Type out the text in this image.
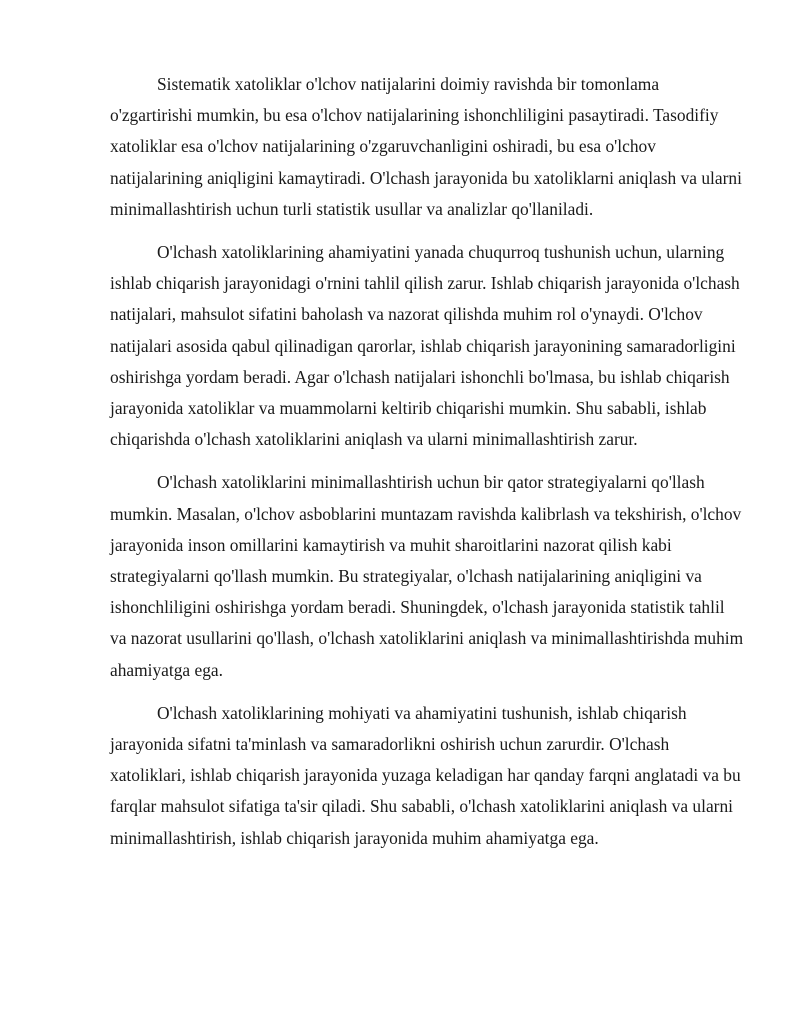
Sistematik xatoliklar o'lchov natijalarini doimiy ravishda bir tomonlama o'zgartirishi mumkin, bu esa o'lchov natijalarining ishonchliligini pasaytiradi. Tasodifiy xatoliklar esa o'lchov natijalarining o'zgaruvchanligini oshiradi, bu esa o'lchov natijalarining aniqligini kamaytiradi. O'lchash jarayonida bu xatoliklarni aniqlash va ularni minimallashtirish uchun turli statistik usullar va analizlar qo'llaniladi.

O'lchash xatoliklarining ahamiyatini yanada chuqurroq tushunish uchun, ularning ishlab chiqarish jarayonidagi o'rnini tahlil qilish zarur. Ishlab chiqarish jarayonida o'lchash natijalari, mahsulot sifatini baholash va nazorat qilishda muhim rol o'ynaydi. O'lchov natijalari asosida qabul qilinadigan qarorlar, ishlab chiqarish jarayonining samaradorligini oshirishga yordam beradi. Agar o'lchash natijalari ishonchli bo'lmasa, bu ishlab chiqarish jarayonida xatoliklar va muammolarni keltirib chiqarishi mumkin. Shu sababli, ishlab chiqarishda o'lchash xatoliklarini aniqlash va ularni minimallashtirish zarur.

O'lchash xatoliklarini minimallashtirish uchun bir qator strategiyalarni qo'llash mumkin. Masalan, o'lchov asboblarini muntazam ravishda kalibrlash va tekshirish, o'lchov jarayonida inson omillarini kamaytirish va muhit sharoitlarini nazorat qilish kabi strategiyalarni qo'llash mumkin. Bu strategiyalar, o'lchash natijalarining aniqligini va ishonchliligini oshirishga yordam beradi. Shuningdek, o'lchash jarayonida statistik tahlil va nazorat usullarini qo'llash, o'lchash xatoliklarini aniqlash va minimallashtirishda muhim ahamiyatga ega.

O'lchash xatoliklarining mohiyati va ahamiyatini tushunish, ishlab chiqarish jarayonida sifatni ta'minlash va samaradorlikni oshirish uchun zarurdir. O'lchash xatoliklari, ishlab chiqarish jarayonida yuzaga keladigan har qanday farqni anglatadi va bu farqlar mahsulot sifatiga ta'sir qiladi. Shu sababli, o'lchash xatoliklarini aniqlash va ularni minimallashtirish, ishlab chiqarish jarayonida muhim ahamiyatga ega.
